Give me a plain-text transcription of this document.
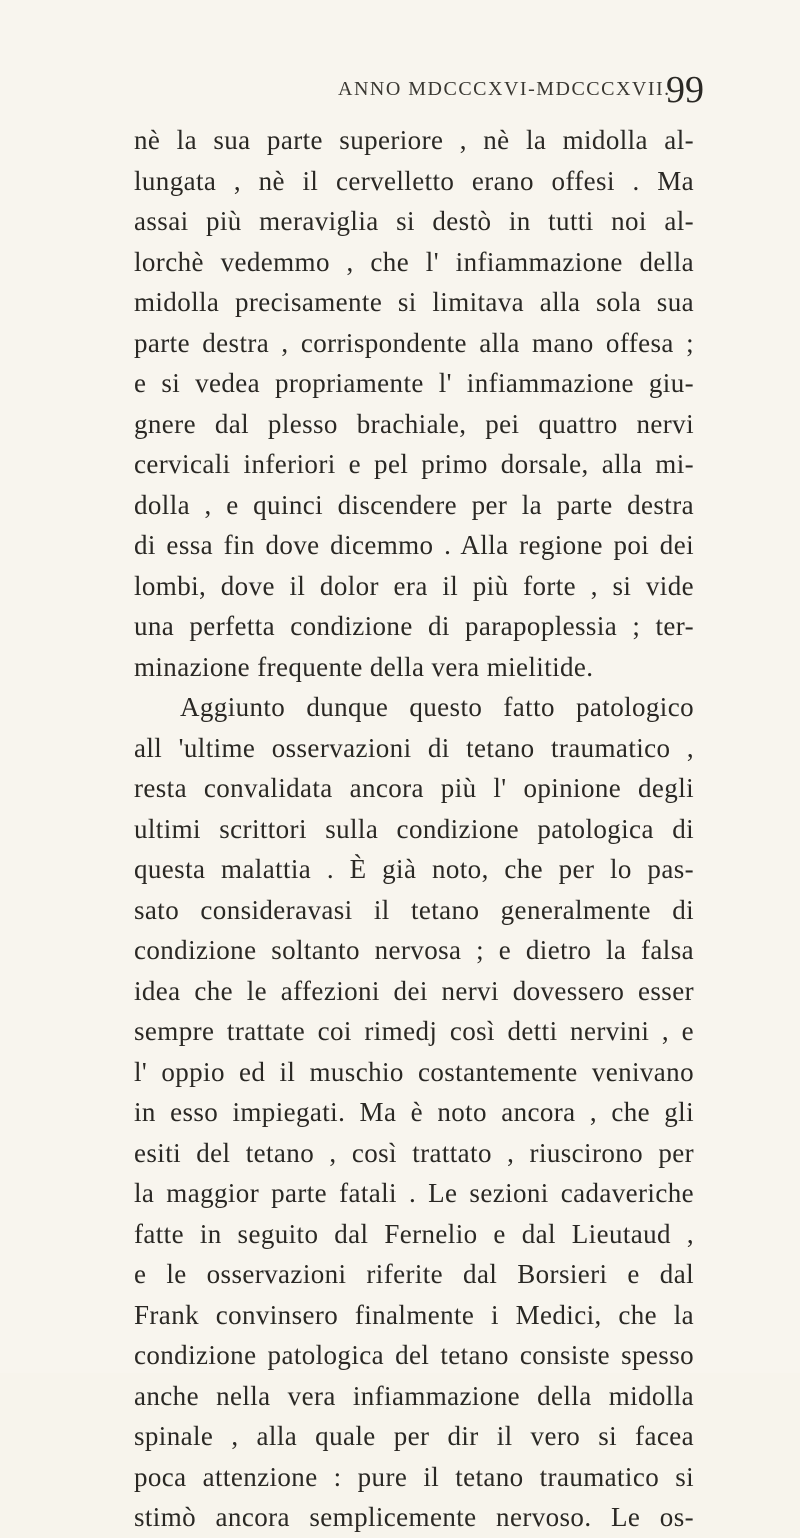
ANNO MDCCCXVI-MDCCCXVII.
99
nè la sua parte superiore , nè la midolla al-
lungata , nè il cervelletto erano offesi . Ma
assai più meraviglia si destò in tutti noi al-
lorchè vedemmo , che l' infiammazione della
midolla precisamente si limitava alla sola sua
parte destra , corrispondente alla mano offesa ;
e si vedea propriamente l' infiammazione giu-
gnere dal plesso brachiale, pei quattro nervi
cervicali inferiori e pel primo dorsale, alla mi-
dolla , e quinci discendere per la parte destra
di essa fin dove dicemmo . Alla regione poi dei
lombi, dove il dolor era il più forte , si vide
una perfetta condizione di parapoplessia ; ter-
minazione frequente della vera mielitide.
Aggiunto dunque questo fatto patologico
all 'ultime osservazioni di tetano traumatico ,
resta convalidata ancora più l' opinione degli
ultimi scrittori sulla condizione patologica di
questa malattia . È già noto, che per lo pas-
sato consideravasi il tetano generalmente di
condizione soltanto nervosa ; e dietro la falsa
idea che le affezioni dei nervi dovessero esser
sempre trattate coi rimedj così detti nervini , e
l' oppio ed il muschio costantemente venivano
in esso impiegati. Ma è noto ancora , che gli
esiti del tetano , così trattato , riuscirono per
la maggior parte fatali . Le sezioni cadaveriche
fatte in seguito dal Fernelio e dal Lieutaud ,
e le osservazioni riferite dal Borsieri e dal
Frank convinsero finalmente i Medici, che la
condizione patologica del tetano consiste spesso
anche nella vera infiammazione della midolla
spinale , alla quale per dir il vero si facea
poca attenzione : pure il tetano traumatico si
stimò ancora semplicemente nervoso. Le os-
